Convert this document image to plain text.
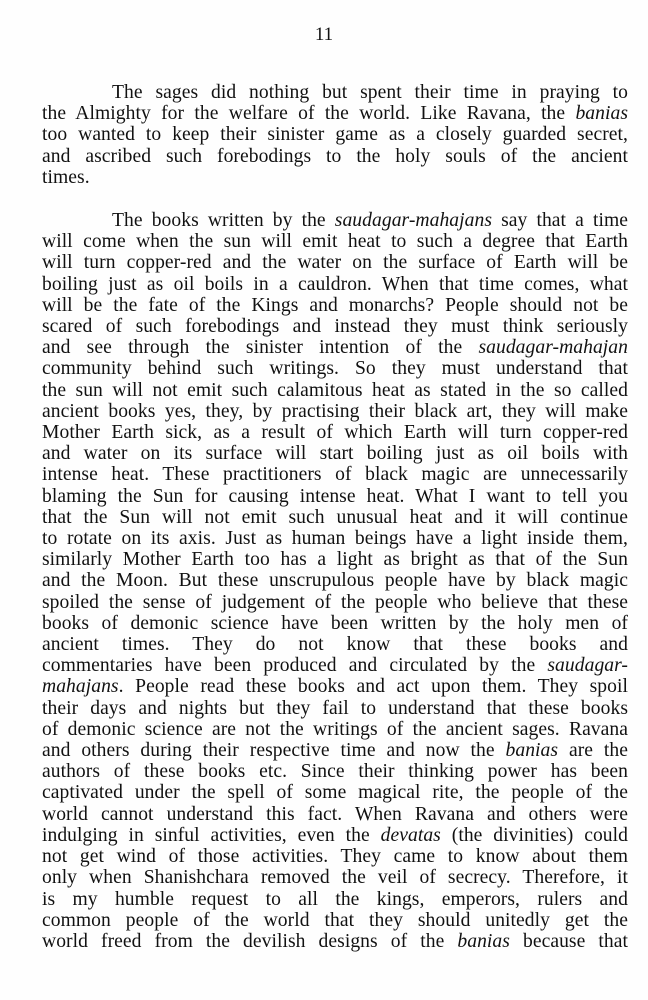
11
The sages did nothing but spent their time in praying to
the Almighty for the welfare of the world. Like Ravana, the banias
too wanted to keep their sinister game as a closely guarded secret,
and ascribed such forebodings to the holy souls of the ancient
times.
The books written by the saudagar-mahajans say that a time
will come when the sun will emit heat to such a degree that Earth
will turn copper-red and the water on the surface of Earth will be
boiling just as oil boils in a cauldron. When that time comes, what
will be the fate of the Kings and monarchs? People should not be
scared of such forebodings and instead they must think seriously
and see through the sinister intention of the saudagar-mahajan
community behind such writings. So they must understand that
the sun will not emit such calamitous heat as stated in the so called
ancient books yes, they, by practising their black art, they will make
Mother Earth sick, as a result of which Earth will turn copper-red
and water on its surface will start boiling just as oil boils with
intense heat. These practitioners of black magic are unnecessarily
blaming the Sun for causing intense heat. What I want to tell you
that the Sun will not emit such unusual heat and it will continue
to rotate on its axis. Just as human beings have a light inside them,
similarly Mother Earth too has a light as bright as that of the Sun
and the Moon. But these unscrupulous people have by black magic
spoiled the sense of judgement of the people who believe that these
books of demonic science have been written by the holy men of
ancient times. They do not know that these books and
commentaries have been produced and circulated by the saudagar-
mahajans. People read these books and act upon them. They spoil
their days and nights but they fail to understand that these books
of demonic science are not the writings of the ancient sages. Ravana
and others during their respective time and now the banias are the
authors of these books etc. Since their thinking power has been
captivated under the spell of some magical rite, the people of the
world cannot understand this fact. When Ravana and others were
indulging in sinful activities, even the devatas (the divinities) could
not get wind of those activities. They came to know about them
only when Shanishchara removed the veil of secrecy. Therefore, it
is my humble request to all the kings, emperors, rulers and
common people of the world that they should unitedly get the
world freed from the devilish designs of the banias because that
